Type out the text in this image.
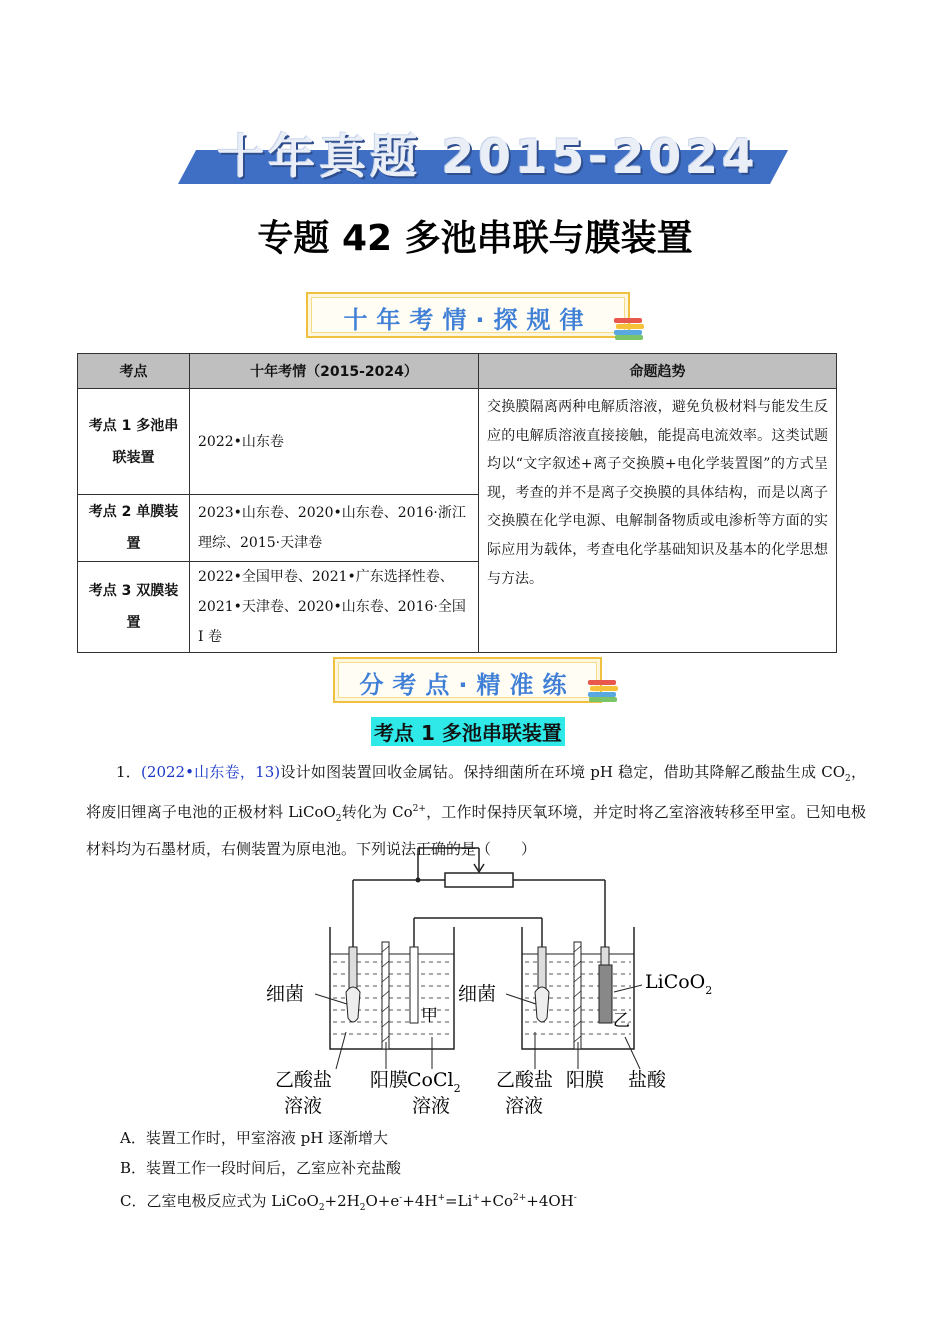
十年真题 2015-2024
专题 42 多池串联与膜装置
十年考情·探规律
考点	十年考情（2015-2024）	命题趋势
考点 1 多池串联装置	2022•山东卷	交换膜隔离两种电解质溶液，避免负极材料与能发生反应的电解质溶液直接接触，能提高电流效率。这类试题均以“文字叙述+离子交换膜+电化学装置图”的方式呈现，考查的并不是离子交换膜的具体结构，而是以离子交换膜在化学电源、电解制备物质或电渗析等方面的实际应用为载体，考查电化学基础知识及基本的化学思想与方法。
考点 2 单膜装置	2023•山东卷、2020•山东卷、2016·浙江理综、2015·天津卷	
考点 3 双膜装置	2022•全国甲卷、2021•广东选择性卷、2021•天津卷、2020•山东卷、2016·全国 I 卷	
分考点·精准练
考点 1 多池串联装置
1．(2022•山东卷，13)设计如图装置回收金属钴。保持细菌所在环境 pH 稳定，借助其降解乙酸盐生成 $CO_2$，将废旧锂离子电池的正极材料 LiCoO$_2$转化为 $Co^{2+}$，工作时保持厌氧环境，并定时将乙室溶液转移至甲室。已知电极材料均为石墨材质，右侧装置为原电池。下列说法正确的是（　　）
细菌	细菌
甲	乙
LiCoO$_2$
乙酸盐
溶液
阳膜
CoCl$_2$
溶液
乙酸盐
溶液
阳膜 盐酸
A．装置工作时，甲室溶液 pH 逐渐增大
B．装置工作一段时间后，乙室应补充盐酸
C．乙室电极反应式为 $LiCoO_2+2H_2O+e^-+4H^+=Li^++Co^{2+}+4OH^-$
